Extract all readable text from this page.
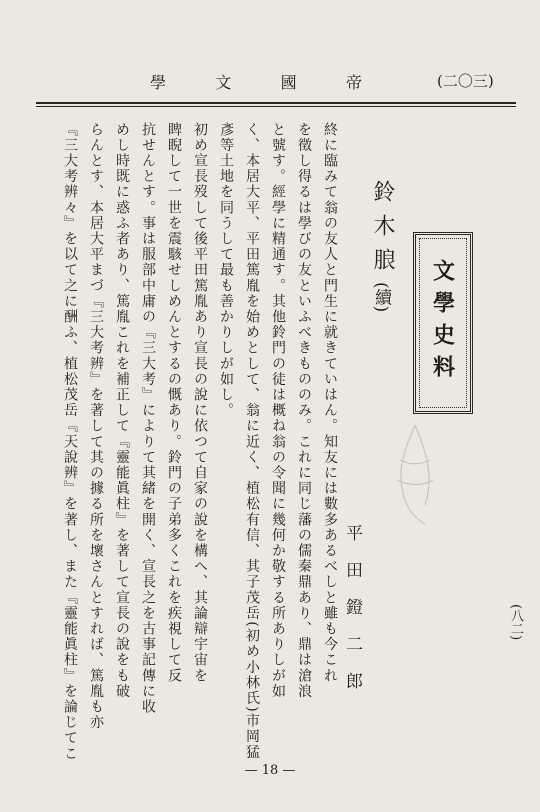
學	文	國	帝	(二〇三)
文學史料
鈴木朖
(續)
平田鐙二郎
終に臨みて翁の友人と門生に就きていはん。知友には數多あるべしと雖も今これ
を徵し得るは學びの友といふべきもののみ。これに同じ藩の儒秦鼎あり、鼎は滄浪
と號す。經學に精通す。其他鈴門の徒は概ね翁の令聞に幾何か敬する所ありしが如
く、本居大平、平田篤胤を始めとして、翁に近く、植松有信、其子茂岳(初め小林氏)市岡猛
彥等土地を同うして最も善かりしが如し。
初め宣長歿して後平田篤胤あり宣長の說に依つて自家の說を構へ、其論辯宇宙を
睥睨して一世を震駭せしめんとするの慨あり。鈴門の子弟多くこれを疾視して反
抗せんとす。事は服部中庸の『三大考』によりて其緒を開く、宣長之を古事記傳に收
めし時既に惑ふ者あり、篤胤これを補正して『靈能眞柱』を著して宣長の說をも破
らんとす、本居大平まづ『三大考辨』を著して其の據る所を壞さんとすれば、篤胤も亦
『三大考辨々』を以て之に酬ふ、植松茂岳『天說辨』を著し、また『靈能眞柱』を論じてこ	(八二)
— 18 —
